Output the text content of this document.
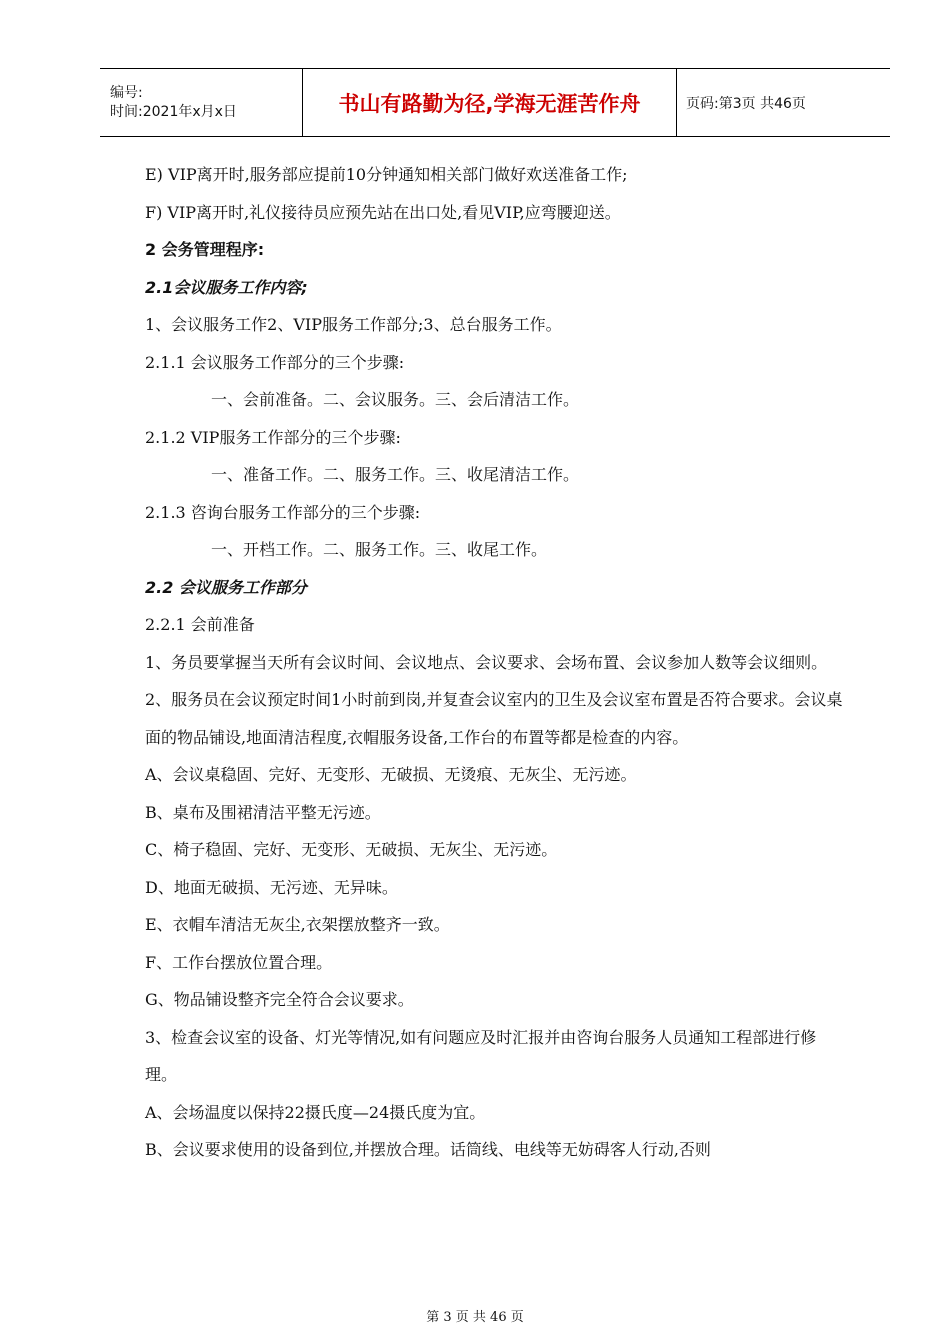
编号:
时间:2021年x月x日	书山有路勤为径,学海无涯苦作舟	页码:第3页 共46页
E) VIP离开时,服务部应提前10分钟通知相关部门做好欢送准备工作;
F) VIP离开时,礼仪接待员应预先站在出口处,看见VIP,应弯腰迎送。
2 会务管理程序:
2.1会议服务工作内容;
1、会议服务工作2、VIP服务工作部分;3、总台服务工作。
2.1.1 会议服务工作部分的三个步骤:
一、会前准备。二、会议服务。三、会后清洁工作。
2.1.2 VIP服务工作部分的三个步骤:
一、准备工作。二、服务工作。三、收尾清洁工作。
2.1.3 咨询台服务工作部分的三个步骤:
一、开档工作。二、服务工作。三、收尾工作。
2.2 会议服务工作部分
2.2.1 会前准备
1、务员要掌握当天所有会议时间、会议地点、会议要求、会场布置、会议参加人数等会议细则。
2、服务员在会议预定时间1小时前到岗,并复查会议室内的卫生及会议室布置是否符合要求。会议桌面的物品铺设,地面清洁程度,衣帽服务设备,工作台的布置等都是检查的内容。
A、会议桌稳固、完好、无变形、无破损、无烫痕、无灰尘、无污迹。
B、桌布及围裙清洁平整无污迹。
C、椅子稳固、完好、无变形、无破损、无灰尘、无污迹。
D、地面无破损、无污迹、无异味。
E、衣帽车清洁无灰尘,衣架摆放整齐一致。
F、工作台摆放位置合理。
G、物品铺设整齐完全符合会议要求。
3、检查会议室的设备、灯光等情况,如有问题应及时汇报并由咨询台服务人员通知工程部进行修理。
A、会场温度以保持22摄氏度—24摄氏度为宜。
B、会议要求使用的设备到位,并摆放合理。话筒线、电线等无妨碍客人行动,否则
第 3 页 共 46 页
